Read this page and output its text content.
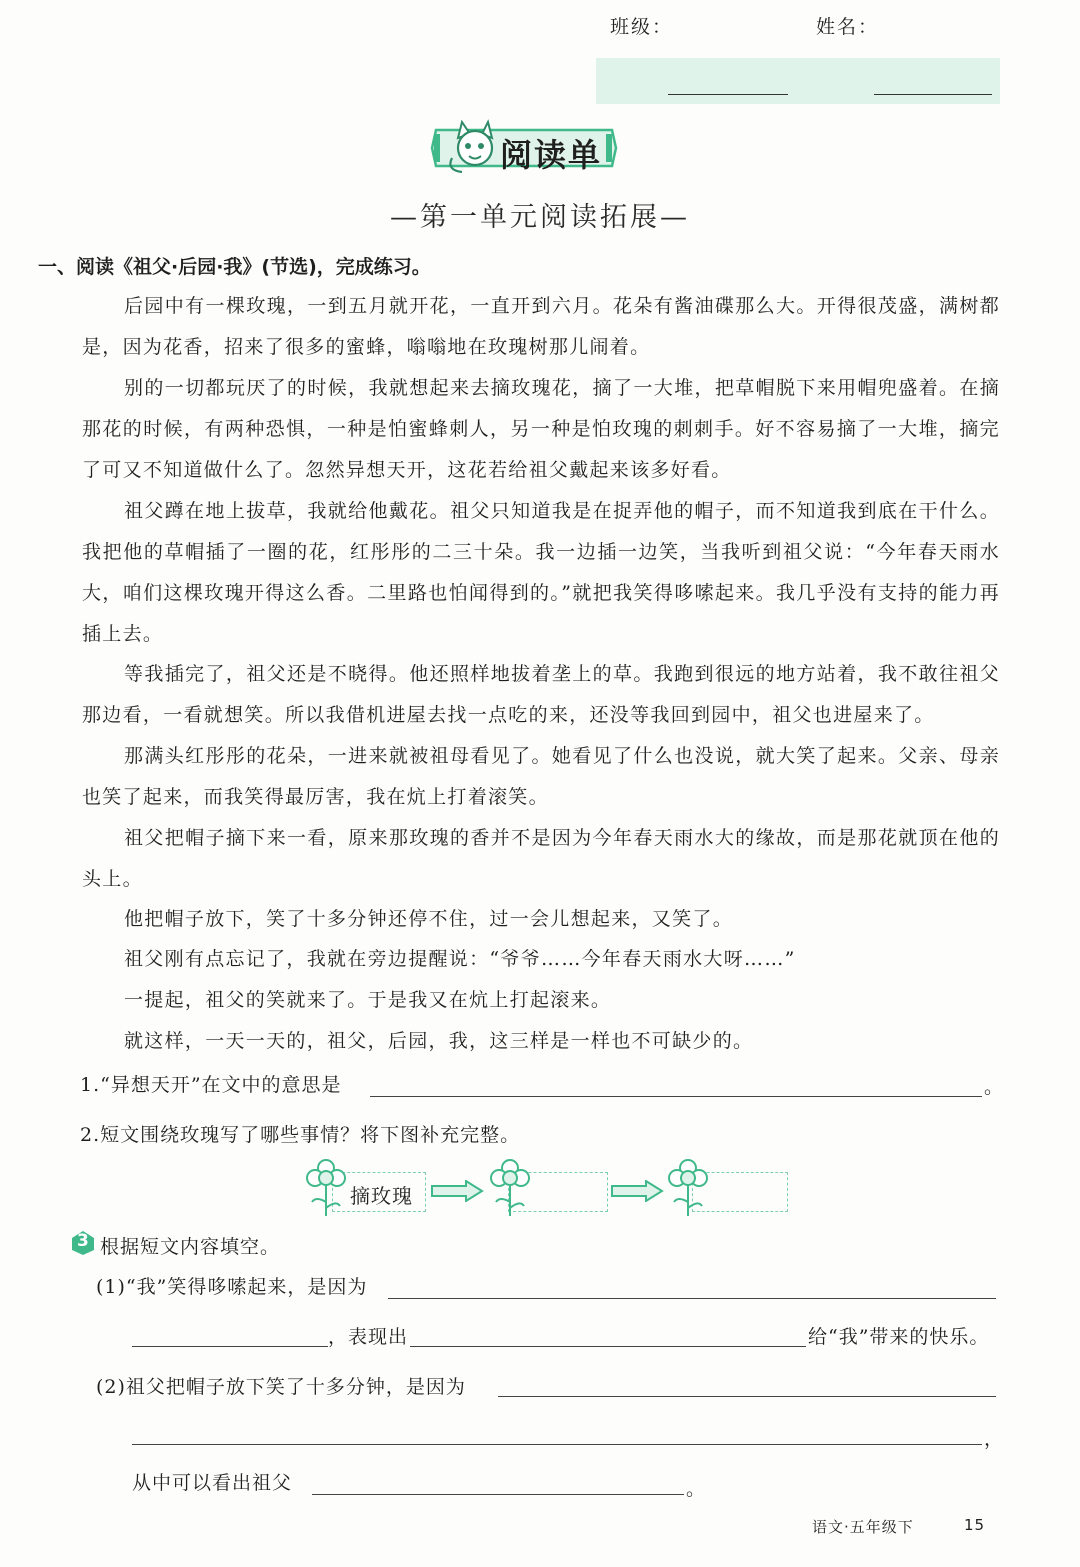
班级：	姓名：
阅读单
—第一单元阅读拓展—
一、阅读《祖父·后园·我》(节选)，完成练习。

后园中有一棵玫瑰，一到五月就开花，一直开到六月。花朵有酱油碟那么大。开得很茂盛，满树都是，因为花香，招来了很多的蜜蜂，嗡嗡地在玫瑰树那儿闹着。

别的一切都玩厌了的时候，我就想起来去摘玫瑰花，摘了一大堆，把草帽脱下来用帽兜盛着。在摘那花的时候，有两种恐惧，一种是怕蜜蜂刺人，另一种是怕玫瑰的刺刺手。好不容易摘了一大堆，摘完了可又不知道做什么了。忽然异想天开，这花若给祖父戴起来该多好看。

祖父蹲在地上拔草，我就给他戴花。祖父只知道我是在捉弄他的帽子，而不知道我到底在干什么。我把他的草帽插了一圈的花，红彤彤的二三十朵。我一边插一边笑，当我听到祖父说：“今年春天雨水大，咱们这棵玫瑰开得这么香。二里路也怕闻得到的。”就把我笑得哆嗦起来。我几乎没有支持的能力再插上去。

等我插完了，祖父还是不晓得。他还照样地拔着垄上的草。我跑到很远的地方站着，我不敢往祖父那边看，一看就想笑。所以我借机进屋去找一点吃的来，还没等我回到园中，祖父也进屋来了。

那满头红彤彤的花朵，一进来就被祖母看见了。她看见了什么也没说，就大笑了起来。父亲、母亲也笑了起来，而我笑得最厉害，我在炕上打着滚笑。

祖父把帽子摘下来一看，原来那玫瑰的香并不是因为今年春天雨水大的缘故，而是那花就顶在他的头上。

他把帽子放下，笑了十多分钟还停不住，过一会儿想起来，又笑了。

祖父刚有点忘记了，我就在旁边提醒说：“爷爷……今年春天雨水大呀……”

一提起，祖父的笑就来了。于是我又在炕上打起滚来。

就这样，一天一天的，祖父，后园，我，这三样是一样也不可缺少的。

1.“异想天开”在文中的意思是	。
2.短文围绕玫瑰写了哪些事情？将下图补充完整。
摘玫瑰
3 根据短文内容填空。
(1)“我”笑得哆嗦起来，是因为
，表现出	给“我”带来的快乐。
(2)祖父把帽子放下笑了十多分钟，是因为
，
从中可以看出祖父	。
语文·五年级下	15
